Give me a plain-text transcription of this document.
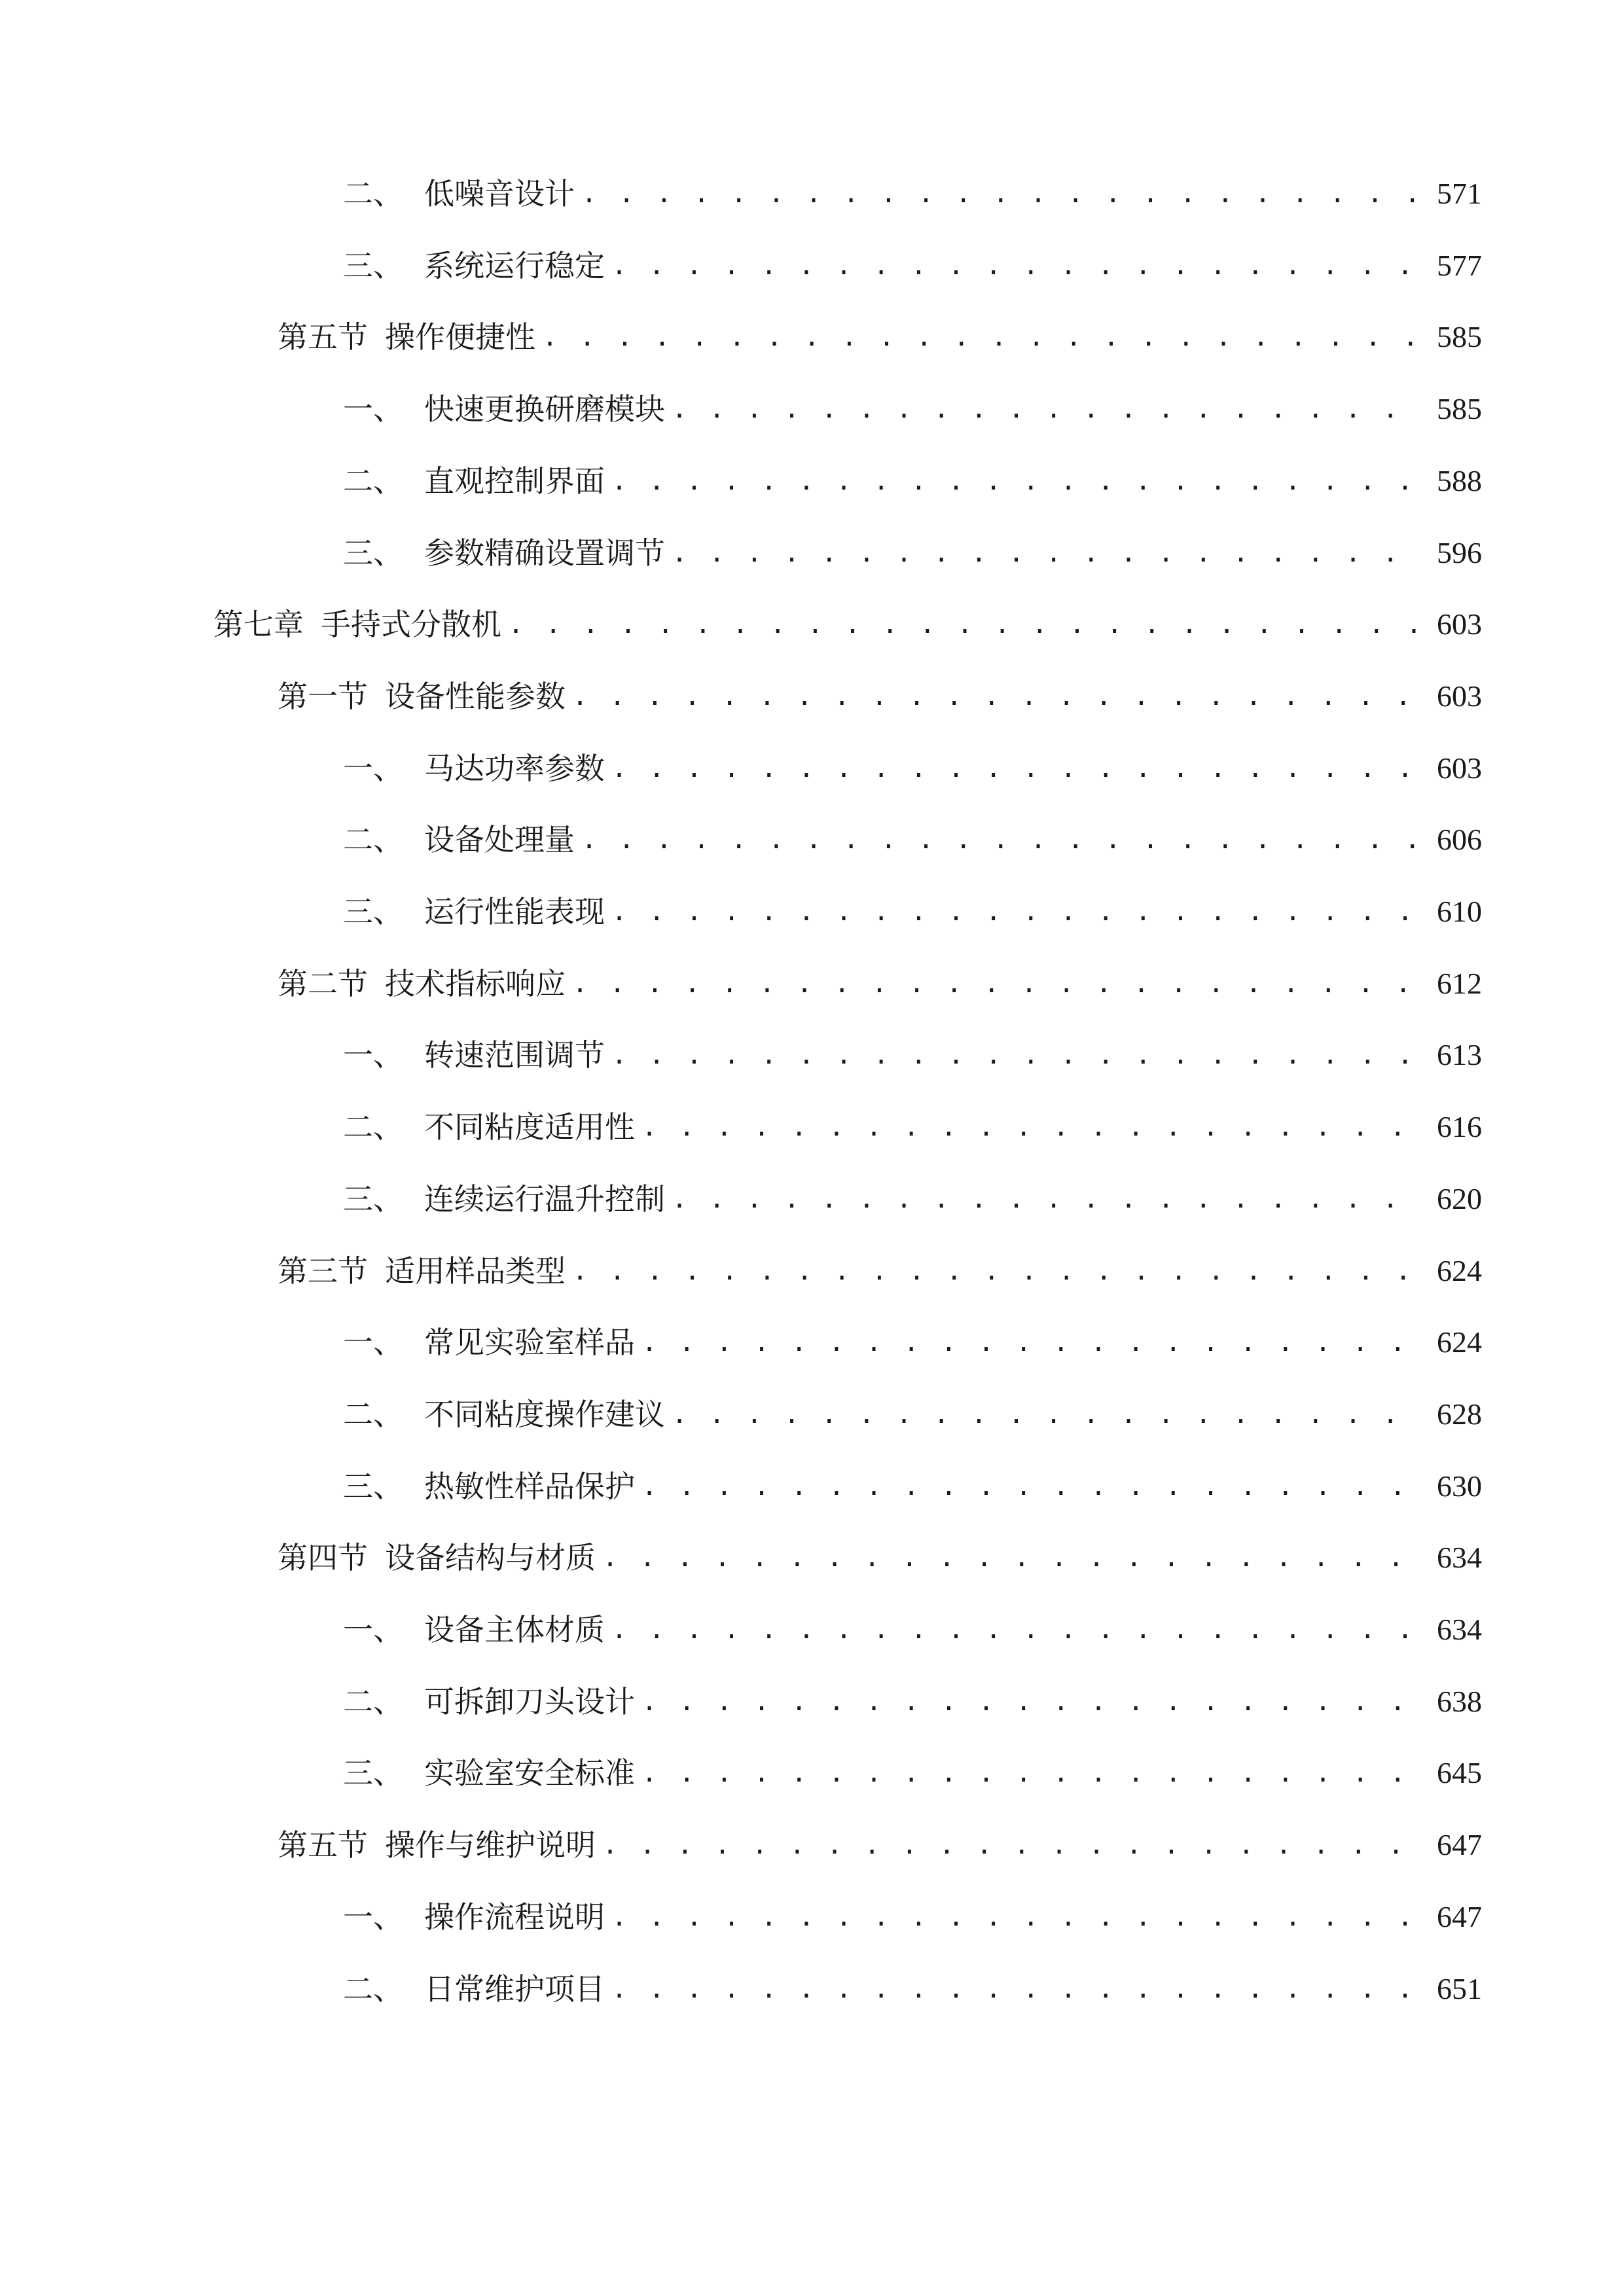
二、 低噪音设计 . . .	571
三、 系统运行稳定 . . .	577
第五节 操作便捷性 . . .	585
一、 快速更换研磨模块 . . .	585
二、 直观控制界面 . . .	588
三、 参数精确设置调节 . . .	596
第七章 手持式分散机 . . .	603
第一节 设备性能参数 . . .	603
一、 马达功率参数 . . .	603
二、 设备处理量 . . .	606
三、 运行性能表现 . . .	610
第二节 技术指标响应 . . .	612
一、 转速范围调节 . . .	613
二、 不同粘度适用性 . . .	616
三、 连续运行温升控制 . . .	620
第三节 适用样品类型 . . .	624
一、 常见实验室样品 . . .	624
二、 不同粘度操作建议 . . .	628
三、 热敏性样品保护 . . .	630
第四节 设备结构与材质 . . .	634
一、 设备主体材质 . . .	634
二、 可拆卸刀头设计 . . .	638
三、 实验室安全标准 . . .	645
第五节 操作与维护说明 . . .	647
一、 操作流程说明 . . .	647
二、 日常维护项目 . . .	651
